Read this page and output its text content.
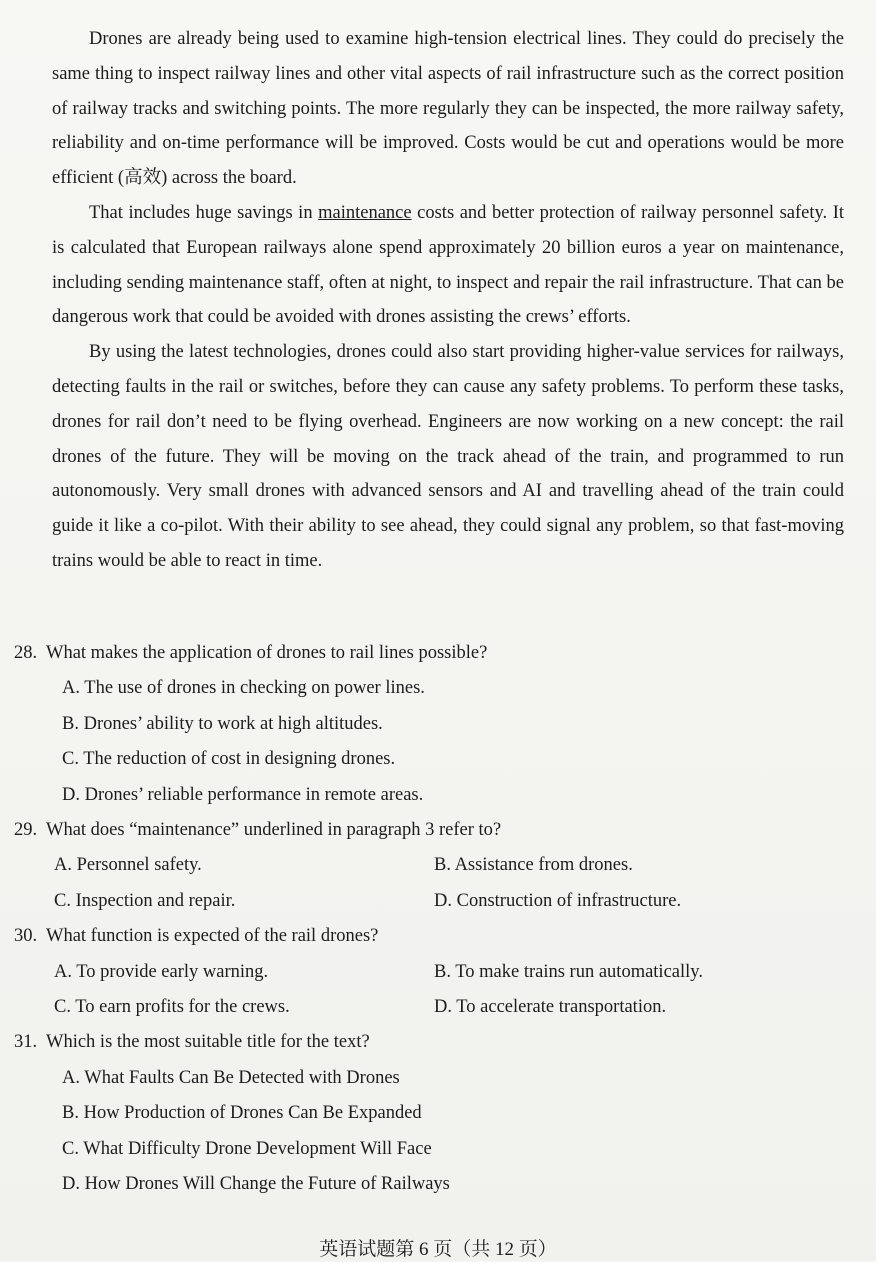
Drones are already being used to examine high-tension electrical lines. They could do precisely the same thing to inspect railway lines and other vital aspects of rail infrastructure such as the correct position of railway tracks and switching points. The more regularly they can be inspected, the more railway safety, reliability and on-time performance will be improved. Costs would be cut and operations would be more efficient (高效) across the board.

That includes huge savings in maintenance costs and better protection of railway personnel safety. It is calculated that European railways alone spend approximately 20 billion euros a year on maintenance, including sending maintenance staff, often at night, to inspect and repair the rail infrastructure. That can be dangerous work that could be avoided with drones assisting the crews’ efforts.

By using the latest technologies, drones could also start providing higher-value services for railways, detecting faults in the rail or switches, before they can cause any safety problems. To perform these tasks, drones for rail don’t need to be flying overhead. Engineers are now working on a new concept: the rail drones of the future. They will be moving on the track ahead of the train, and programmed to run autonomously. Very small drones with advanced sensors and AI and travelling ahead of the train could guide it like a co-pilot. With their ability to see ahead, they could signal any problem, so that fast-moving trains would be able to react in time.

28. What makes the application of drones to rail lines possible?

A. The use of drones in checking on power lines.

B. Drones’ ability to work at high altitudes.

C. The reduction of cost in designing drones.

D. Drones’ reliable performance in remote areas.

29. What does “maintenance” underlined in paragraph 3 refer to?

A. Personnel safety.	B. Assistance from drones.

C. Inspection and repair.	D. Construction of infrastructure.

30. What function is expected of the rail drones?

A. To provide early warning.	B. To make trains run automatically.

C. To earn profits for the crews.	D. To accelerate transportation.

31. Which is the most suitable title for the text?

A. What Faults Can Be Detected with Drones

B. How Production of Drones Can Be Expanded

C. What Difficulty Drone Development Will Face

D. How Drones Will Change the Future of Railways

英语试题第 6 页（共 12 页）
